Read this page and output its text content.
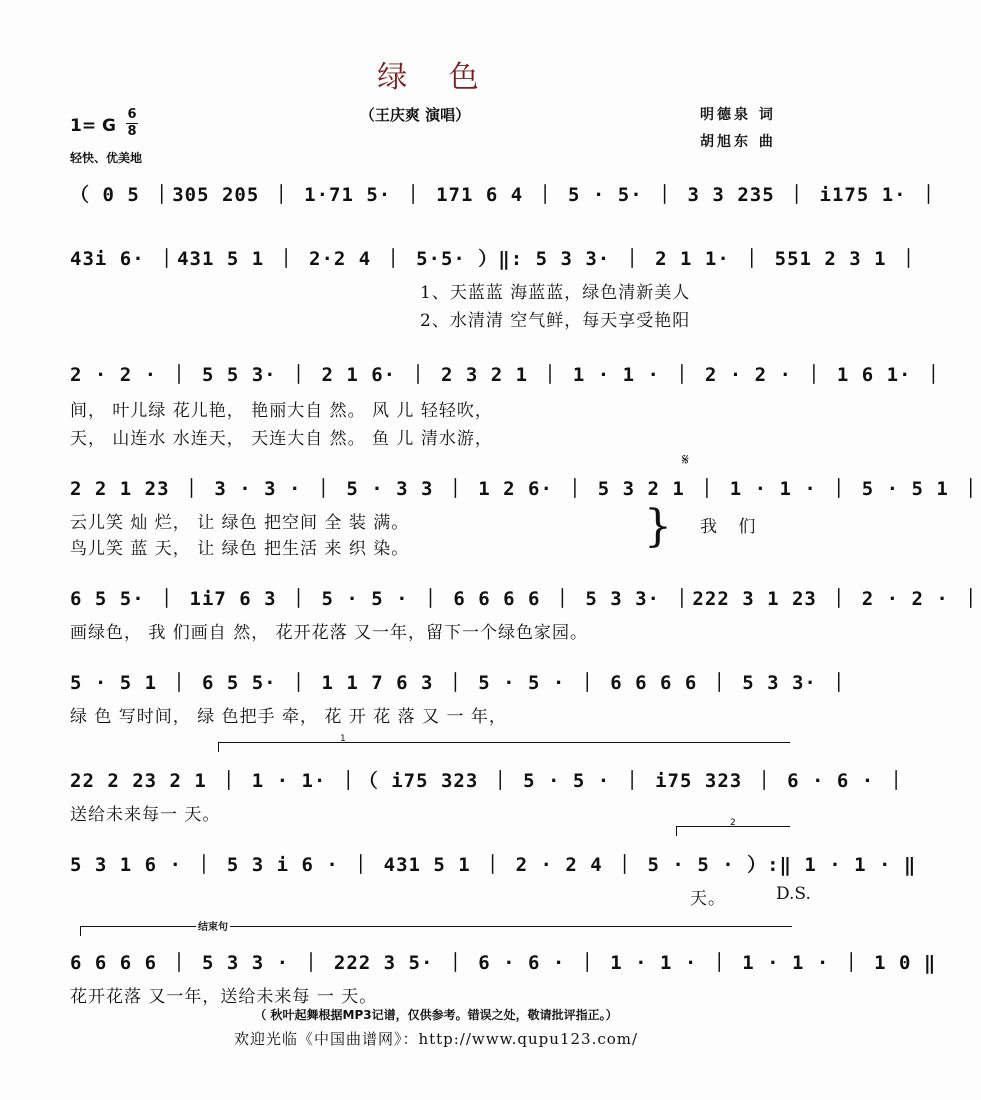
绿 色
（王庆爽 演唱）
1= G
6
8
轻快、优美地
明德泉 词
胡旭东 曲
（ 0 5 ｜305 205 ｜ 1·71 5· ｜ 171 6 4 ｜ 5 · 5· ｜ 3 3 235 ｜ i175 1· ｜
43i 6· ｜431 5 1 ｜ 2·2 4 ｜ 5·5· ）‖: 5 3 3· ｜ 2 1 1· ｜ 551 2 3 1 ｜
1、天蓝蓝 海蓝蓝，绿色清新美人
2、水清清 空气鲜，每天享受艳阳
2 · 2 · ｜ 5 5 3· ｜ 2 1 6· ｜ 2 3 2 1 ｜ 1 · 1 · ｜ 2 · 2 · ｜ 1 6 1· ｜
间， 叶儿绿 花儿艳， 艳丽大自 然。 风 儿 轻轻吹，
天， 山连水 水连天， 天连大自 然。 鱼 儿 清水游，
𝄋
2 2 1 23 ｜ 3 · 3 · ｜ 5 · 3 3 ｜ 1 2 6· ｜ 5 3 2 1 ｜ 1 · 1 · ｜ 5 · 5 1 ｜
云儿笑 灿 烂， 让 绿色 把空间 全 装 满。
鸟儿笑 蓝 天， 让 绿色 把生活 来 织 染。	} 我 们
6 5 5· ｜ 1i7 6 3 ｜ 5 · 5 · ｜ 6 6 6 6 ｜ 5 3 3· ｜222 3 1 23 ｜ 2 · 2 · ｜
画绿色， 我 们画自 然， 花开花落 又一年，留下一个绿色家园。
5 · 5 1 ｜ 6 5 5· ｜ 1 1 7 6 3 ｜ 5 · 5 · ｜ 6 6 6 6 ｜ 5 3 3· ｜
绿 色 写时间， 绿 色把手 牵， 花 开 花 落 又 一 年，
1
22 2 23 2 1 ｜ 1 · 1· ｜（ i75 323 ｜ 5 · 5 · ｜ i75 323 ｜ 6 · 6 · ｜
送给未来每一 天。	2
5 3 1 6 · ｜ 5 3 i 6 · ｜ 431 5 1 ｜ 2 · 2 4 ｜ 5 · 5 · ）:‖ 1 · 1 · ‖
天。	D.S.
结束句
6 6 6 6 ｜ 5 3 3 · ｜ 222 3 5· ｜ 6 · 6 · ｜ 1 · 1 · ｜ 1 · 1 · ｜ 1 0 ‖
花开花落 又一年，送给未来每 一 天。
（ 秋叶起舞根据MP3记谱，仅供参考。错误之处，敬请批评指正。）
欢迎光临《中国曲谱网》：http://www.qupu123.com/
